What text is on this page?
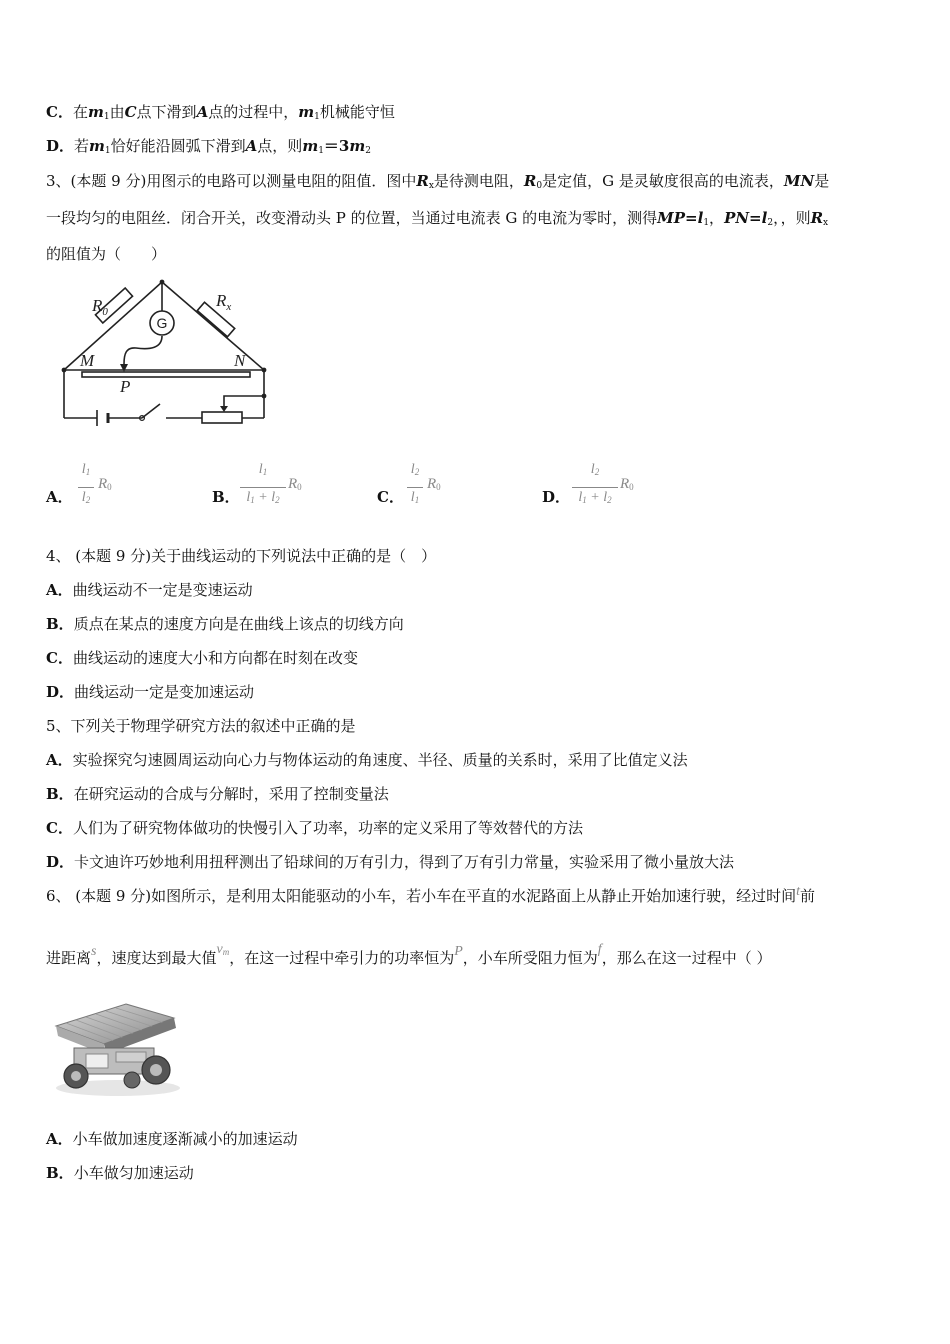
C．在$m_1$由C点下滑到A点的过程中，$m_1$机械能守恒
D．若$m_1$恰好能沿圆弧下滑到A点，则$m_1=3m_2$
3、(本题 9 分)用图示的电路可以测量电阻的阻值．图中$R_x$是待测电阻，$R_0$是定值，G 是灵敏度很高的电流表，MN是
一段均匀的电阻丝．闭合开关，改变滑动头 P 的位置，当通过电流表 G 的电流为零时，测得$MP=l_1$，$PN=l_2$，，则$R_x$
的阻值为（　　）
$R_0$
$R_x$
M	N
P
G
A．
$l_1$
$l_2$
$R_0$
B．
$l_1$
$l_1 + l_2$
$R_0$
C．
$l_2$
$l_1$
$R_0$
D．
$l_2$
$l_1 + l_2$
$R_0$
4、 (本题 9 分)关于曲线运动的下列说法中正确的是（　）
A．曲线运动不一定是变速运动
B．质点在某点的速度方向是在曲线上该点的切线方向
C．曲线运动的速度大小和方向都在时刻在改变
D．曲线运动一定是变加速运动
5、下列关于物理学研究方法的叙述中正确的是
A．实验探究匀速圆周运动向心力与物体运动的角速度、半径、质量的关系时，采用了比值定义法
B．在研究运动的合成与分解时，采用了控制变量法
C．人们为了研究物体做功的快慢引入了功率，功率的定义采用了等效替代的方法
D．卡文迪许巧妙地利用扭秤测出了铅球间的万有引力，得到了万有引力常量，实验采用了微小量放大法
6、 (本题 9 分)如图所示，是利用太阳能驱动的小车，若小车在平直的水泥路面上从静止开始加速行驶，经过时间t前
进距离s，速度达到最大值$v_m$，在这一过程中牵引力的功率恒为P，小车所受阻力恒为f，那么在这一过程中（ ）
A．小车做加速度逐渐减小的加速运动
B．小车做匀加速运动
